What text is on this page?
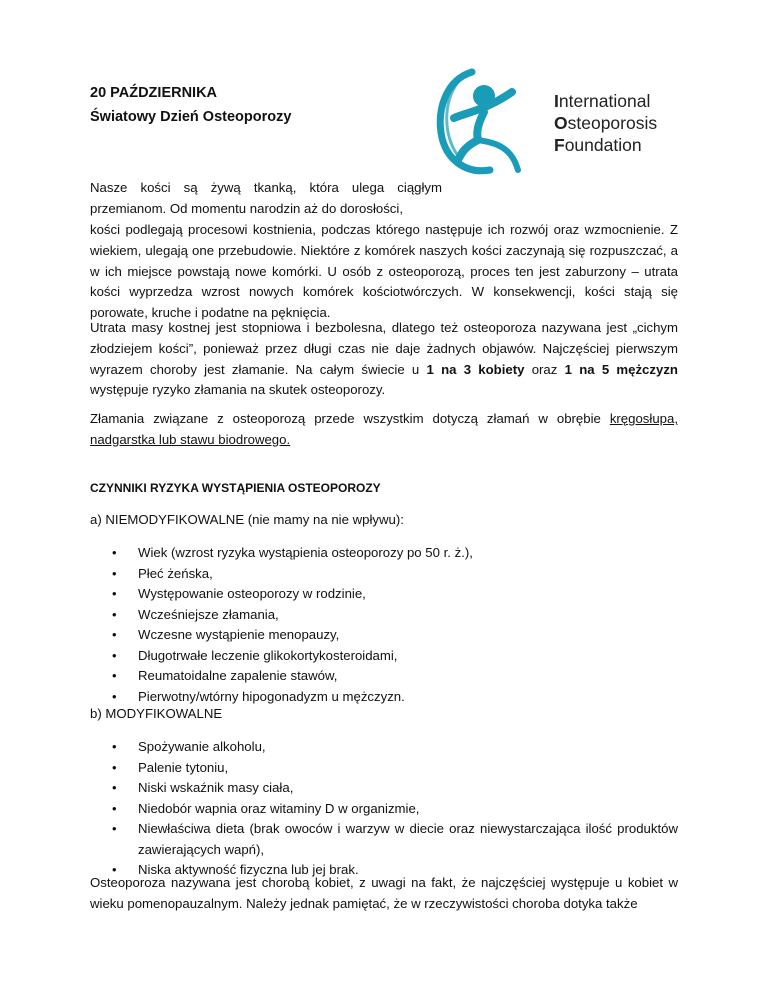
20 PAŹDZIERNIKA
Światowy Dzień Osteoporozy
International
Osteoporosis
Foundation
Nasze kości są żywą tkanką, która ulega ciągłym
przemianom. Od momentu narodzin aż do dorosłości,

kości podlegają procesowi kostnienia, podczas którego następuje ich rozwój oraz wzmocnienie. Z wiekiem, ulegają one przebudowie. Niektóre z komórek naszych kości zaczynają się rozpuszczać, a w ich miejsce powstają nowe komórki. U osób z osteoporozą, proces ten jest zaburzony – utrata kości wyprzedza wzrost nowych komórek kościotwórczych. W konsekwencji, kości stają się porowate, kruche i podatne na pęknięcia.

Utrata masy kostnej jest stopniowa i bezbolesna, dlatego też osteoporoza nazywana jest „cichym złodziejem kości”, ponieważ przez długi czas nie daje żadnych objawów. Najczęściej pierwszym wyrazem choroby jest złamanie. Na całym świecie u 1 na 3 kobiety oraz 1 na 5 mężczyzn występuje ryzyko złamania na skutek osteoporozy.

Złamania związane z osteoporozą przede wszystkim dotyczą złamań w obrębie kręgosłupa, nadgarstka lub stawu biodrowego.

CZYNNIKI RYZYKA WYSTĄPIENIA OSTEOPOROZY
a) NIEMODYFIKOWALNE (nie mamy na nie wpływu):
• Wiek (wzrost ryzyka wystąpienia osteoporozy po 50 r. ż.),
• Płeć żeńska,
• Występowanie osteoporozy w rodzinie,
• Wcześniejsze złamania,
• Wczesne wystąpienie menopauzy,
• Długotrwałe leczenie glikokortykosteroidami,
• Reumatoidalne zapalenie stawów,
• Pierwotny/wtórny hipogonadyzm u mężczyzn.
b) MODYFIKOWALNE
• Spożywanie alkoholu,
• Palenie tytoniu,
• Niski wskaźnik masy ciała,
• Niedobór wapnia oraz witaminy D w organizmie,
• Niewłaściwa dieta (brak owoców i warzyw w diecie oraz niewystarczająca ilość produktów zawierających wapń),
• Niska aktywność fizyczna lub jej brak.

Osteoporoza nazywana jest chorobą kobiet, z uwagi na fakt, że najczęściej występuje u kobiet w wieku pomenopauzalnym. Należy jednak pamiętać, że w rzeczywistości choroba dotyka także
